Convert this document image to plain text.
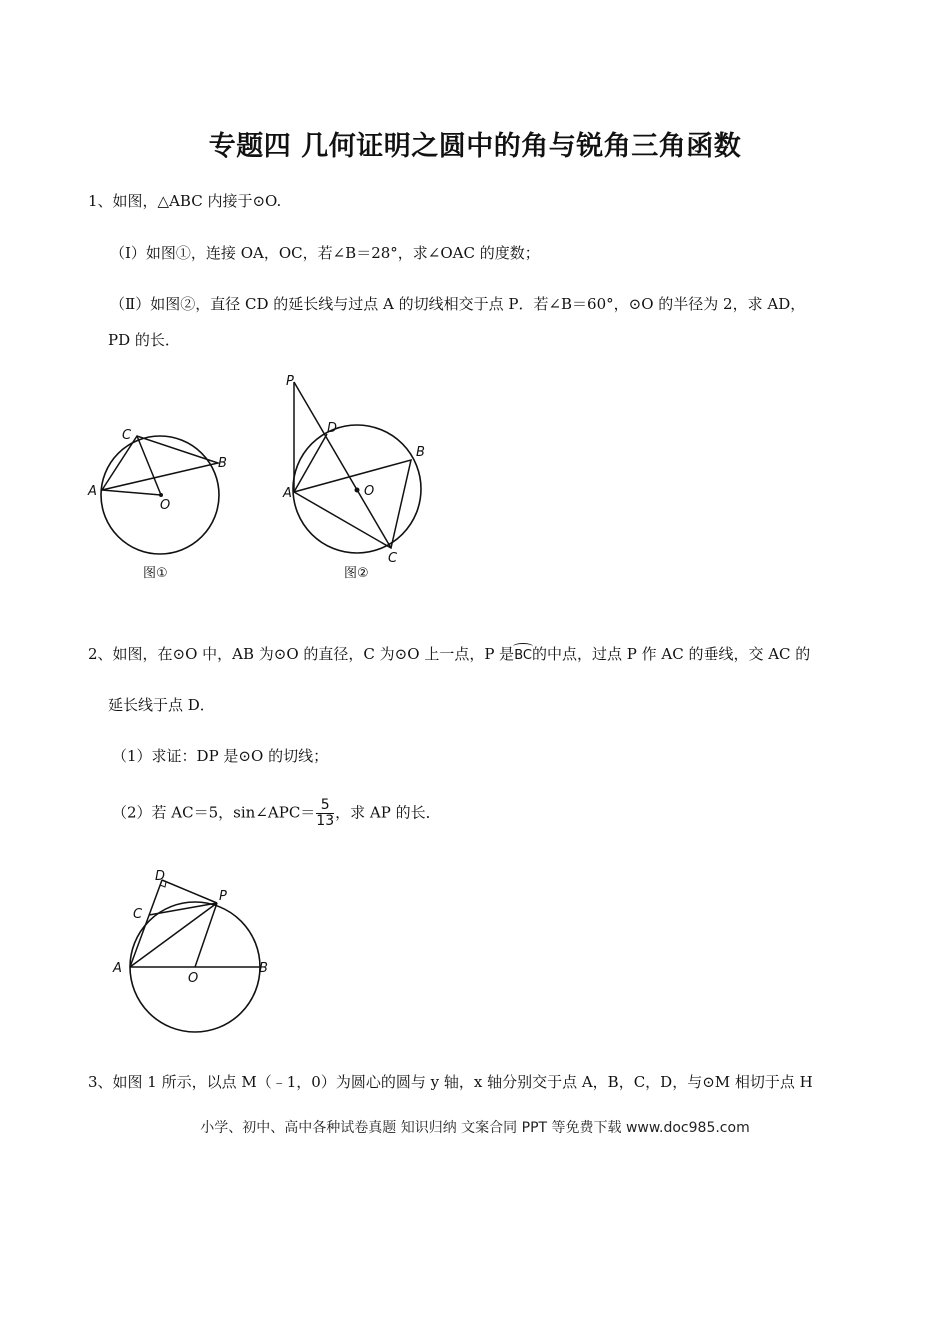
专题四 几何证明之圆中的角与锐角三角函数
1、如图，△ABC 内接于⊙O.
（Ⅰ）如图①，连接 OA，OC，若∠B＝28°，求∠OAC 的度数；
（Ⅱ）如图②，直径 CD 的延长线与过点 A 的切线相交于点 P．若∠B＝60°，⊙O 的半径为 2，求 AD，
PD 的长．
A
C
B
O
图①
P
D
B
A	O
C
图②
2、如图，在⊙O 中，AB 为⊙O 的直径，C 为⊙O 上一点，P 是BC的中点，过点 P 作 AC 的垂线，交 AC 的
延长线于点 D．
（1）求证：DP 是⊙O 的切线；
（2）若 AC＝5，sin∠APC＝ $\frac{5}{13}$ ，求 AP 的长．
D
C
P
A
O
B
3、如图 1 所示，以点 M（﹣1，0）为圆心的圆与 y 轴，x 轴分别交于点 A，B，C，D，与⊙M 相切于点 H
小学、初中、高中各种试卷真题 知识归纳 文案合同 PPT 等免费下载 www.doc985.com
